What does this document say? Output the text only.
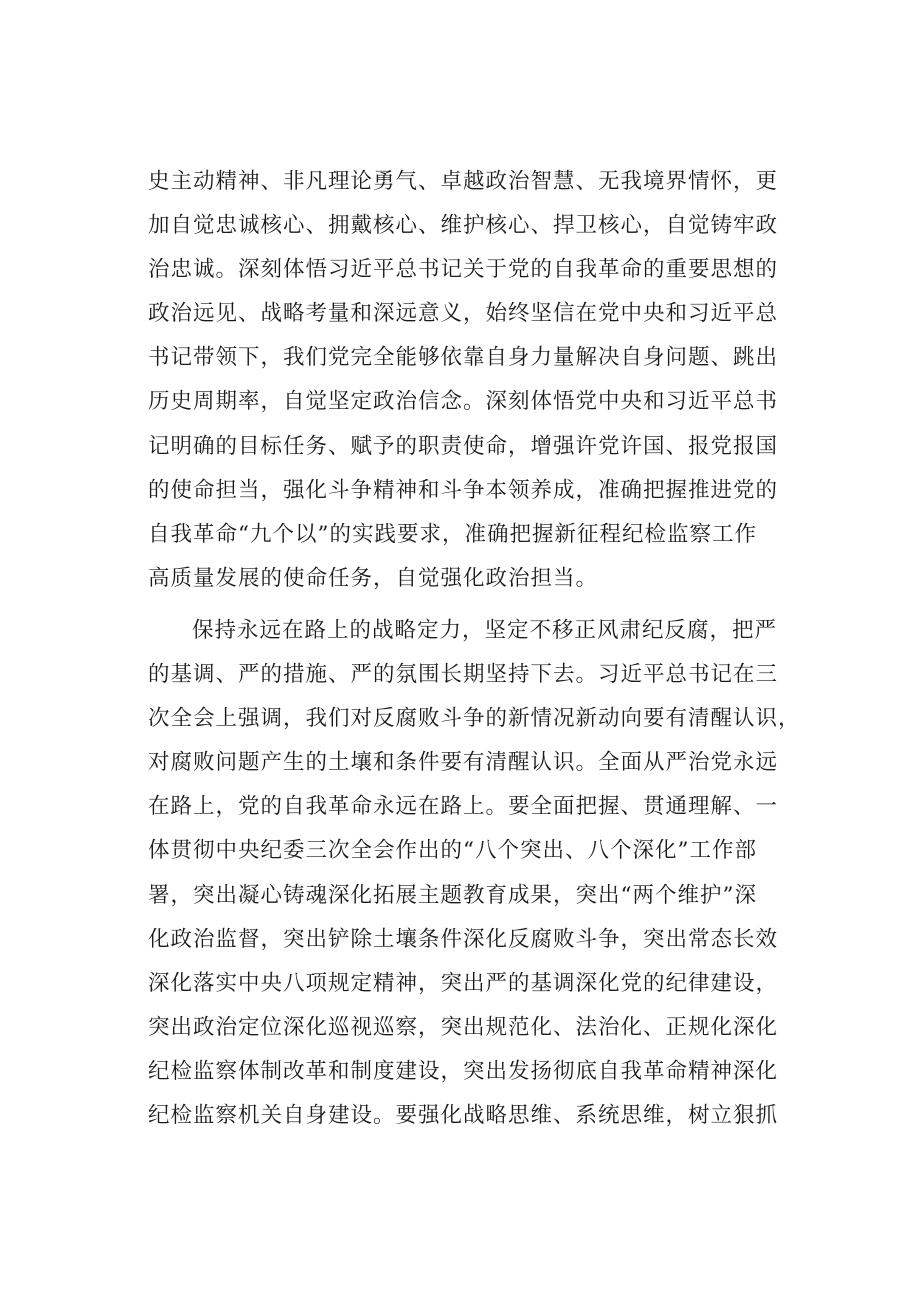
史主动精神、非凡理论勇气、卓越政治智慧、无我境界情怀，更
加自觉忠诚核心、拥戴核心、维护核心、捍卫核心，自觉铸牢政
治忠诚。深刻体悟习近平总书记关于党的自我革命的重要思想的
政治远见、战略考量和深远意义，始终坚信在党中央和习近平总
书记带领下，我们党完全能够依靠自身力量解决自身问题、跳出
历史周期率，自觉坚定政治信念。深刻体悟党中央和习近平总书
记明确的目标任务、赋予的职责使命，增强许党许国、报党报国
的使命担当，强化斗争精神和斗争本领养成，准确把握推进党的
自我革命“九个以”的实践要求，准确把握新征程纪检监察工作
高质量发展的使命任务，自觉强化政治担当。
保持永远在路上的战略定力，坚定不移正风肃纪反腐，把严
的基调、严的措施、严的氛围长期坚持下去。习近平总书记在三
次全会上强调，我们对反腐败斗争的新情况新动向要有清醒认识，
对腐败问题产生的土壤和条件要有清醒认识。全面从严治党永远
在路上，党的自我革命永远在路上。要全面把握、贯通理解、一
体贯彻中央纪委三次全会作出的“八个突出、八个深化”工作部
署，突出凝心铸魂深化拓展主题教育成果，突出“两个维护”深
化政治监督，突出铲除土壤条件深化反腐败斗争，突出常态长效
深化落实中央八项规定精神，突出严的基调深化党的纪律建设，
突出政治定位深化巡视巡察，突出规范化、法治化、正规化深化
纪检监察体制改革和制度建设，突出发扬彻底自我革命精神深化
纪检监察机关自身建设。要强化战略思维、系统思维，树立狠抓
